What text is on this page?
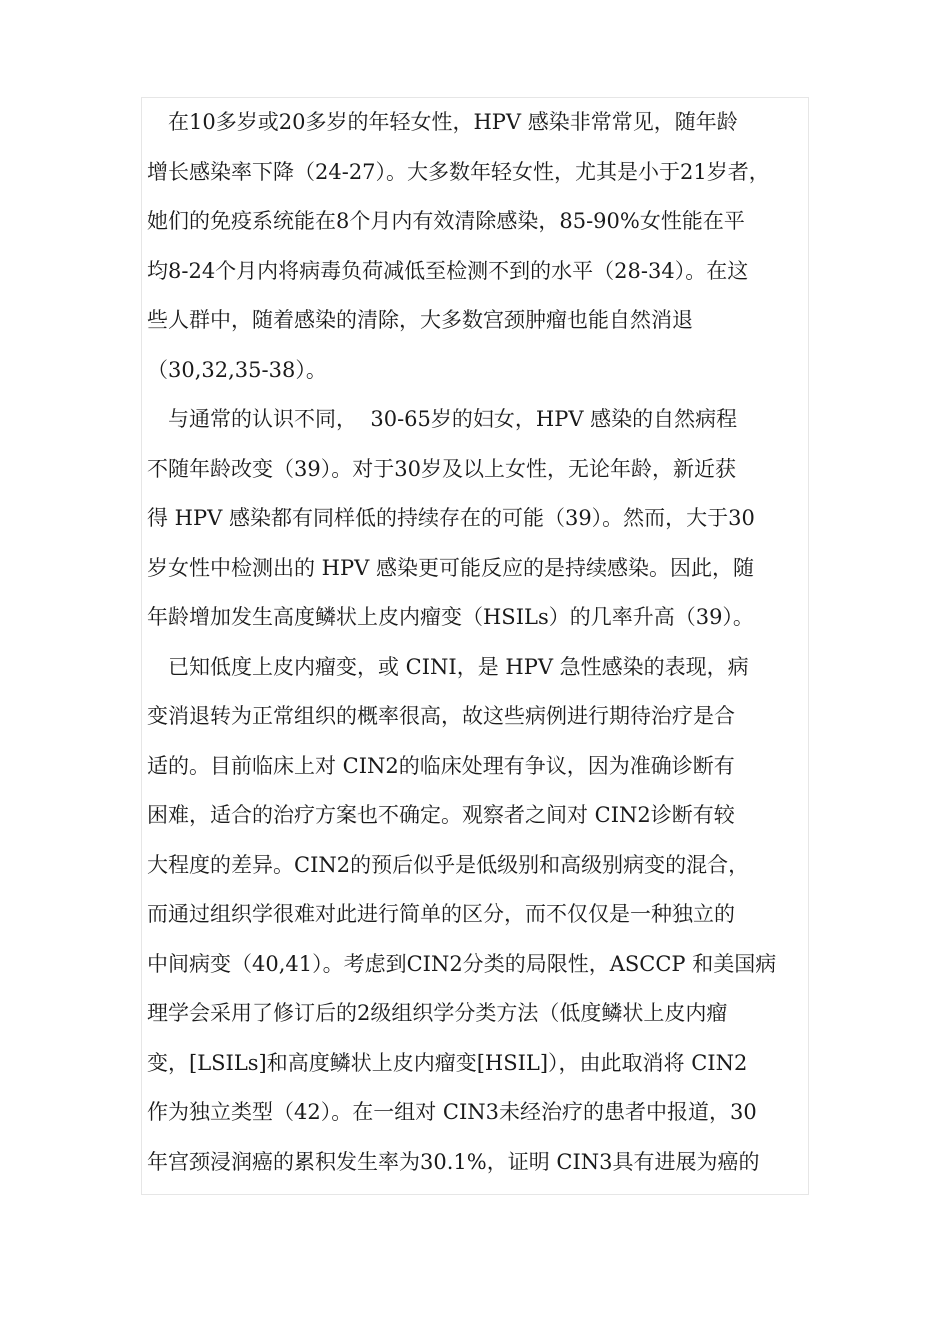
　在10多岁或20多岁的年轻女性，HPV 感染非常常见，随年龄
增长感染率下降（24-27）。大多数年轻女性，尤其是小于21岁者，
她们的免疫系统能在8个月内有效清除感染，85-90%女性能在平
均8-24个月内将病毒负荷减低至检测不到的水平（28-34）。在这
些人群中，随着感染的清除，大多数宫颈肿瘤也能自然消退
（30,32,35-38）。
　与通常的认识不同，  30-65岁的妇女，HPV 感染的自然病程
不随年龄改变（39）。对于30岁及以上女性，无论年龄，新近获
得 HPV 感染都有同样低的持续存在的可能（39）。然而，大于30
岁女性中检测出的 HPV 感染更可能反应的是持续感染。因此，随
年龄增加发生高度鳞状上皮内瘤变（HSILs）的几率升高（39）。
　已知低度上皮内瘤变，或 CINI，是 HPV 急性感染的表现，病
变消退转为正常组织的概率很高，故这些病例进行期待治疗是合
适的。目前临床上对 CIN2的临床处理有争议，因为准确诊断有
困难，适合的治疗方案也不确定。观察者之间对 CIN2诊断有较
大程度的差异。CIN2的预后似乎是低级别和高级别病变的混合，
而通过组织学很难对此进行简单的区分，而不仅仅是一种独立的
中间病变（40,41）。考虑到CIN2分类的局限性，ASCCP 和美国病
理学会采用了修订后的2级组织学分类方法（低度鳞状上皮内瘤
变，[LSILs]和高度鳞状上皮内瘤变[HSIL]），由此取消将 CIN2
作为独立类型（42）。在一组对 CIN3未经治疗的患者中报道，30
年宫颈浸润癌的累积发生率为30.1%，证明 CIN3具有进展为癌的
